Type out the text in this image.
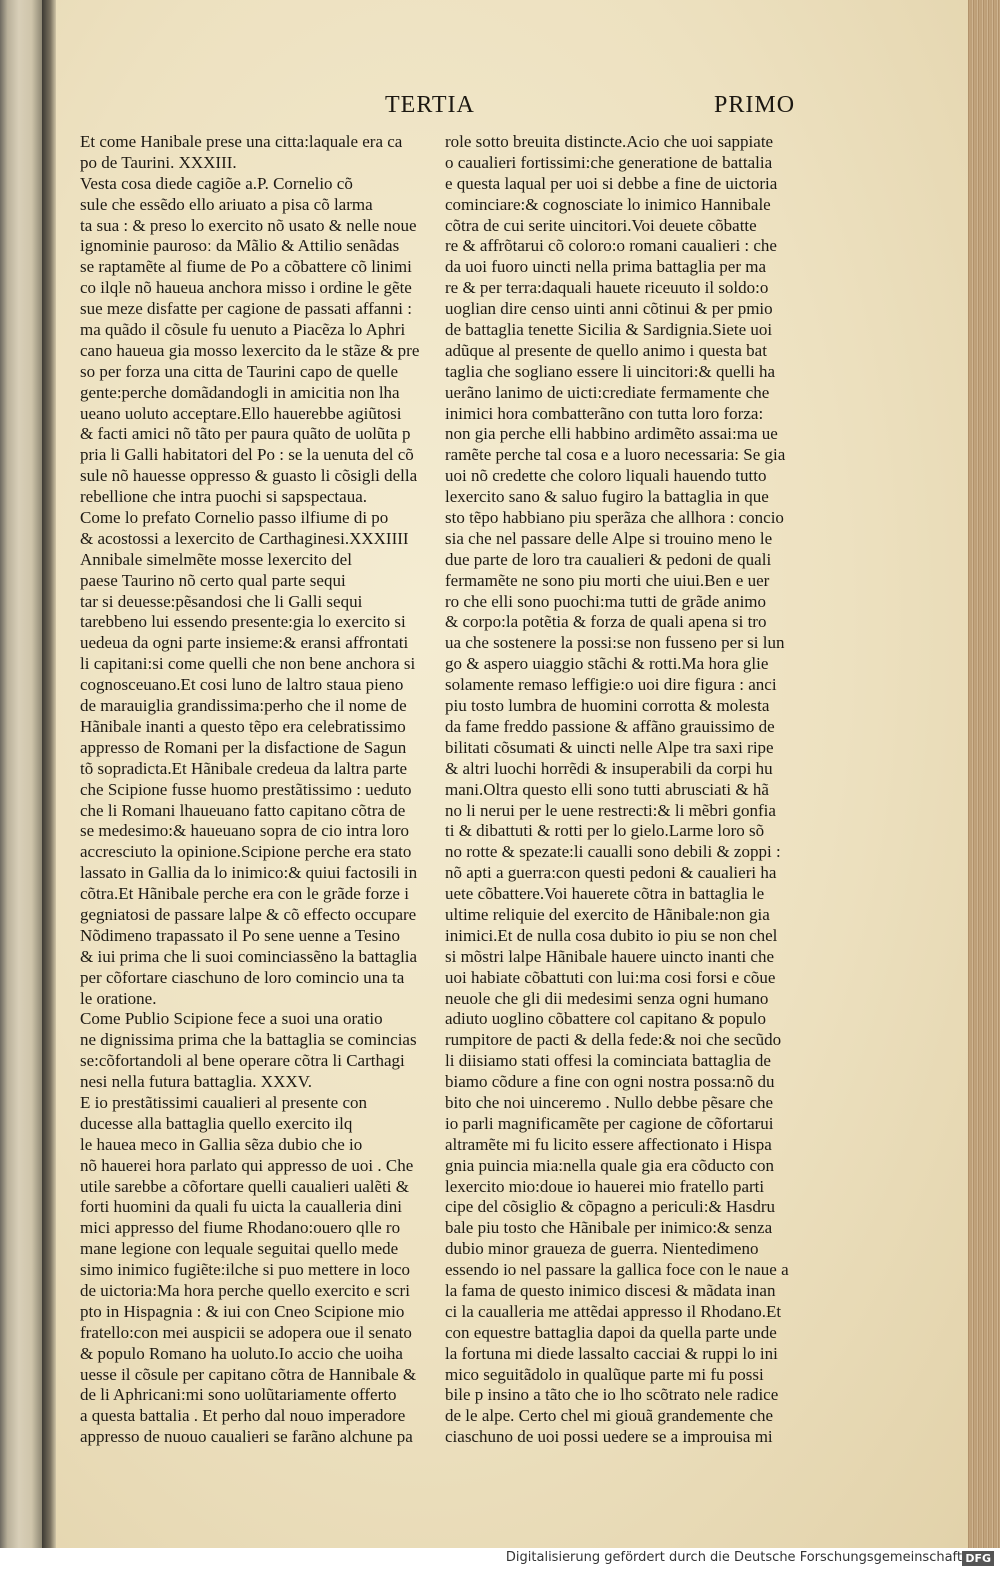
TERTIA	PRIMO
Et come Hanibale prese una citta:laquale era ca
po de Taurini. XXXIII.
Vesta cosa diede cagiõe a.P. Cornelio cõ
sule che essẽdo ello ariuato a pisa cõ larma
ta sua : & preso lo exercito nõ usato & nelle noue
ignominie paurosoː da Mãlio & Attilio senãdas
se raptamẽte al fiume de Po a cõbattere cõ linimi
co ilqle nõ haueua anchora misso i ordine le gẽte
sue meze disfatte per cagione de passati affanni :
ma quãdo il cõsule fu uenuto a Piacẽza lo Aphri
cano haueua gia mosso lexercito da le stãze & pre
so per forza una citta de Taurini capo de quelle
gente:perche domãdandogli in amicitia non lha
ueano uoluto acceptare.Ello hauerebbe agiũtosi
& facti amici nõ tãto per paura quãto de uolũta p
pria li Galli habitatori del Po : se la uenuta del cõ
sule nõ hauesse oppresso & guasto li cõsigli della
rebellione che intra puochi si sapspectaua.
Come lo prefato Cornelio passo ilfiume di po
& acostossi a lexercito de Carthaginesi.XXXIIII
Annibale simelmẽte mosse lexercito del
paese Taurino nõ certo qual parte sequi
tar si deuesse:pẽsandosi che li Galli sequi
tarebbeno lui essendo presente:gia lo exercito si
uedeua da ogni parte insieme:& eransi affrontati
li capitani:si come quelli che non bene anchora si
cognosceuano.Et cosi luno de laltro staua pieno
de marauiglia grandissima:perho che il nome de
Hãnibale inanti a questo tẽpo era celebratissimo
appresso de Romani per la disfactione de Sagun
tõ sopradicta.Et Hãnibale credeua da laltra parte
che Scipione fusse huomo prestãtissimo : ueduto
che li Romani lhaueuano fatto capitano cõtra de
se medesimo:& haueuano sopra de cio intra loro
accresciuto la opinione.Scipione perche era stato
lassato in Gallia da lo inimico:& quiui factosili in
cõtra.Et Hãnibale perche era con le grãde forze i
gegniatosi de passare lalpe & cõ effecto occupare
Nõdimeno trapassato il Po sene uenne a Tesino
& iui prima che li suoi cominciassẽno la battaglia
per cõfortare ciaschuno de loro comincio una ta
le oratione.
Come Publio Scipione fece a suoi una oratio
ne dignissima prima che la battaglia se comincias
se:cõfortandoli al bene operare cõtra li Carthagi
nesi nella futura battaglia. XXXV.
E io prestãtissimi caualieri al presente con
ducesse alla battaglia quello exercito ilq
le hauea meco in Gallia sẽza dubio che io
nõ hauerei hora parlato qui appresso de uoi . Che
utile sarebbe a cõfortare quelli caualieri ualẽti &
forti huomini da quali fu uicta la caualleria dini
mici appresso del fiume Rhodano:ouero qlle ro
mane legione con lequale seguitai quello mede
simo inimico fugiẽte:ilche si puo mettere in loco
de uictoria:Ma hora perche quello exercito e scri
pto in Hispagnia : & iui con Cneo Scipione mio
fratello:con mei auspicii se adopera oue il senato
& populo Romano ha uoluto.Io accio che uoiha
uesse il cõsule per capitano cõtra de Hannibale &
de li Aphricani:mi sono uolũtariamente offerto
a questa battalia . Et perho dal nouo imperadore
appresso de nuouo caualieri se farãno alchune pa
role sotto breuita distincte.Acio che uoi sappiate
o caualieri fortissimi:che generatione de battalia
e questa laqual per uoi si debbe a fine de uictoria
cominciare:& cognosciate lo inimico Hannibale
cõtra de cui serite uincitori.Voi deuete cõbatte
re & affrõtarui cõ coloro:o romani caualieri : che
da uoi fuoro uincti nella prima battaglia per ma
re & per terra:daquali hauete riceuuto il soldo:o
uoglian dire censo uinti anni cõtinui & per pmio
de battaglia tenette Sicilia & Sardignia.Siete uoi
adũque al presente de quello animo i questa bat
taglia che sogliano essere li uincitori:& quelli ha
uerãno lanimo de uicti:crediate fermamente che
inimici hora combatterãno con tutta loro forza:
non gia perche elli habbino ardimẽto assai:ma ue
ramẽte perche tal cosa e a luoro necessaria: Se gia
uoi nõ credette che coloro liquali hauendo tutto
lexercito sano & saluo fugiro la battaglia in que
sto tẽpo habbiano piu sperãza che allhora : concio
sia che nel passare delle Alpe si trouino meno le
due parte de loro tra caualieri & pedoni de quali
fermamẽte ne sono piu morti che uiui.Ben e uer
ro che elli sono puochi:ma tutti de grãde animo
& corpo:la potẽtia & forza de quali apena si tro
ua che sostenere la possi:se non fusseno per si lun
go & aspero uiaggio stãchi & rotti.Ma hora glie
solamente remaso leffigie:o uoi dire figura : anci
piu tosto lumbra de huomini corrotta & molesta
da fame freddo passione & affãno grauissimo de
bilitati cõsumati & uincti nelle Alpe tra saxi ripe
& altri luochi horrẽdi & insuperabili da corpi hu
mani.Oltra questo elli sono tutti abrusciati & hã
no li nerui per le uene restrecti:& li mẽbri gonfia
ti & dibattuti & rotti per lo gielo.Larme loro sõ
no rotte & spezate:li caualli sono debili & zoppi :
nõ apti a guerra:con questi pedoni & caualieri ha
uete cõbattere.Voi hauerete cõtra in battaglia le
ultime reliquie del exercito de Hãnibale:non gia
inimici.Et de nulla cosa dubito io piu se non chel
si mõstri lalpe Hãnibale hauere uincto inanti che
uoi habiate cõbattuti con lui:ma cosi forsi e cõue
neuole che gli dii medesimi senza ogni humano
adiuto uoglino cõbattere col capitano & populo
rumpitore de pacti & della fede:& noi che secũdo
li diisiamo stati offesi la cominciata battaglia de
biamo cõdure a fine con ogni nostra possa:nõ du
bito che noi uinceremo . Nullo debbe pẽsare che
io parli magnificamẽte per cagione de cõfortarui
altramẽte mi fu licito essere affectionato i Hispa
gnia puincia mia:nella quale gia era cõducto con
lexercito mio:doue io hauerei mio fratello parti
cipe del cõsiglio & cõpagno a periculi:& Hasdru
bale piu tosto che Hãnibale per inimico:& senza
dubio minor graueza de guerra. Nientedimeno
essendo io nel passare la gallica foce con le naue a
la fama de questo inimico discesi & mãdata inan
ci la caualleria me attẽdai appresso il Rhodano.Et
con equestre battaglia dapoi da quella parte unde
la fortuna mi diede lassalto cacciai & ruppi lo ini
mico seguitãdolo in qualũque parte mi fu possi
bile p insino a tãto che io lho scõtrato nele radice
de le alpe. Certo chel mi giouã grandemente che
ciaschuno de uoi possi uedere se a improuisa mi
Digitalisierung gefördert durch die Deutsche Forschungsgemeinschaft DFG
